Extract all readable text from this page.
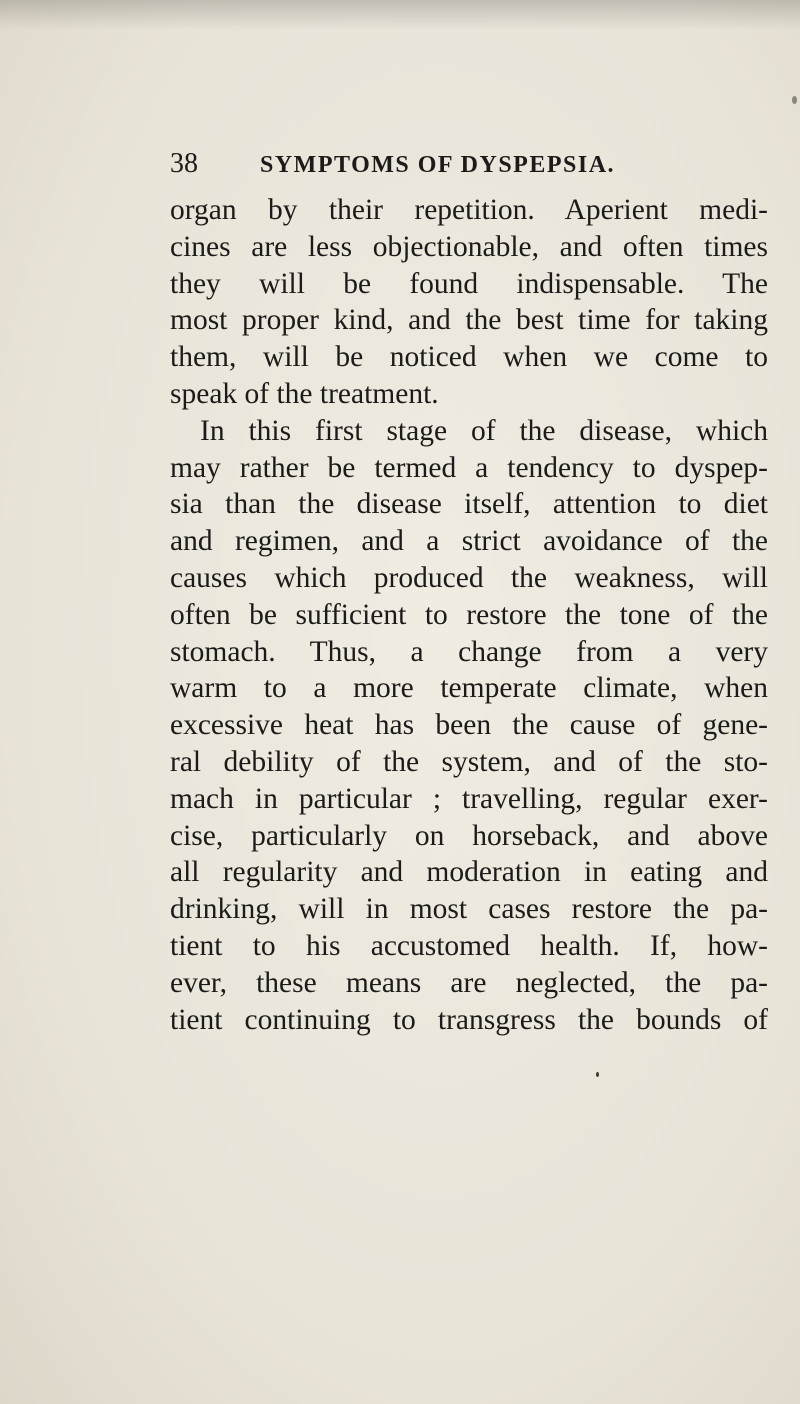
38	SYMPTOMS OF DYSPEPSIA.
organ by their repetition. Aperient medi-
cines are less objectionable, and often times
they will be found indispensable. The
most proper kind, and the best time for taking
them, will be noticed when we come to
speak of the treatment.
In this first stage of the disease, which
may rather be termed a tendency to dyspep-
sia than the disease itself, attention to diet
and regimen, and a strict avoidance of the
causes which produced the weakness, will
often be sufficient to restore the tone of the
stomach. Thus, a change from a very
warm to a more temperate climate, when
excessive heat has been the cause of gene-
ral debility of the system, and of the sto-
mach in particular ; travelling, regular exer-
cise, particularly on horseback, and above
all regularity and moderation in eating and
drinking, will in most cases restore the pa-
tient to his accustomed health. If, how-
ever, these means are neglected, the pa-
tient continuing to transgress the bounds of
